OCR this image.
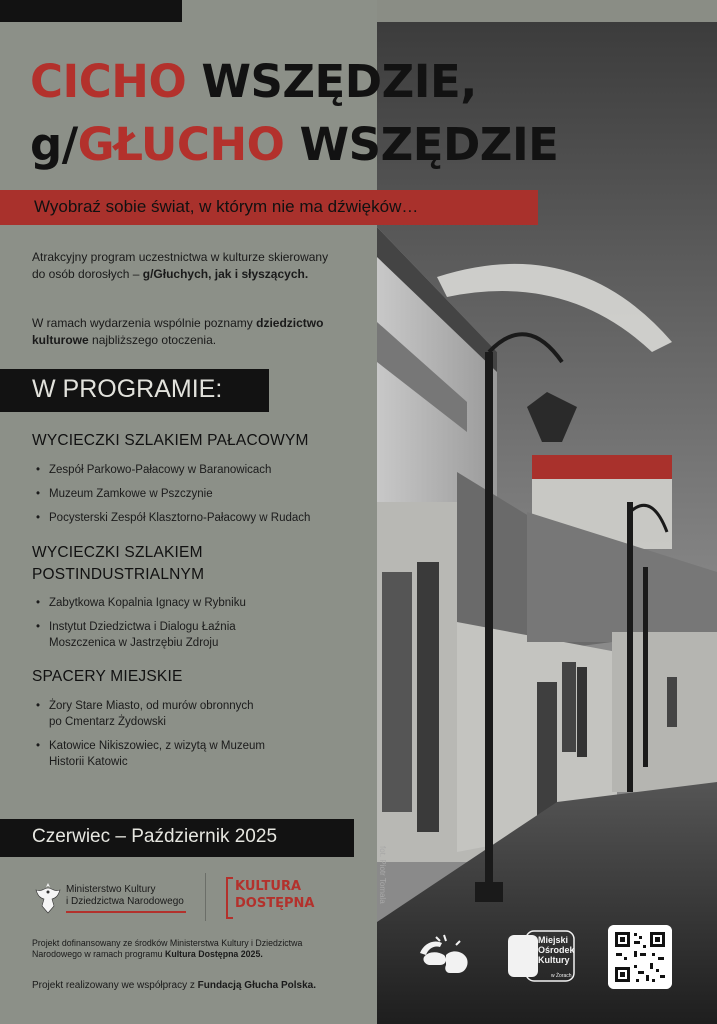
CICHO WSZĘDZIE,
g/GŁUCHO WSZĘDZIE
Wyobraź sobie świat, w którym nie ma dźwięków…

Atrakcyjny program uczestnictwa w kulturze skierowany do osób dorosłych – g/Głuchych, jak i słyszących.

W ramach wydarzenia wspólnie poznamy dziedzictwo kulturowe najbliższego otoczenia.

W PROGRAMIE:
WYCIECZKI SZLAKIEM PAŁACOWYM
• Zespół Parkowo-Pałacowy w Baranowicach
• Muzeum Zamkowe w Pszczynie
• Pocysterski Zespół Klasztorno-Pałacowy w Rudach
WYCIECZKI SZLAKIEM
POSTINDUSTRIALNYM
• Zabytkowa Kopalnia Ignacy w Rybniku
• Instytut Dziedzictwa i Dialogu Łaźnia
Moszczenica w Jastrzębiu Zdroju
SPACERY MIEJSKIE
• Żory Stare Miasto, od murów obronnych
po Cmentarz Żydowski
• Katowice Nikiszowiec, z wizytą w Muzeum
Historii Katowic
Czerwiec – Październik 2025
Ministerstwo Kultury
i Dziedzictwa Narodowego
KULTURA
DOSTĘPNA

Projekt dofinansowany ze środków Ministerstwa Kultury i Dziedzictwa Narodowego w ramach programu Kultura Dostępna 2025.

Projekt realizowany we współpracy z Fundacją Głucha Polska.
fot. Piotr Tomala
Miejski
Ośrodek
Kultury
w Żorach
